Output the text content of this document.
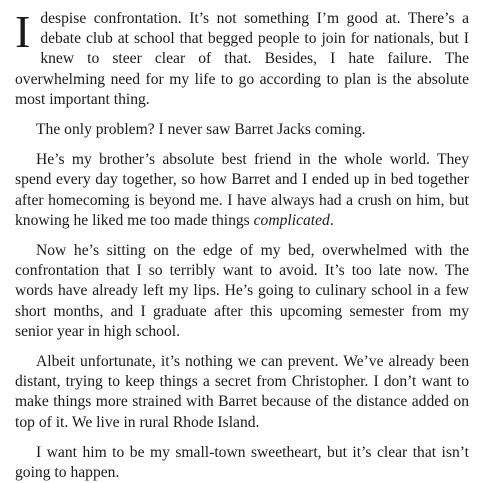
Idespise confrontation. It’s not something I’m good at. There’s a debate club at school that begged people to join for nationals, but I knew to steer clear of that. Besides, I hate failure. The overwhelming need for my life to go according to plan is the absolute most important thing.

The only problem? I never saw Barret Jacks coming.

He’s my brother’s absolute best friend in the whole world. They spend every day together, so how Barret and I ended up in bed together after homecoming is beyond me. I have always had a crush on him, but knowing he liked me too made things complicated.

Now he’s sitting on the edge of my bed, overwhelmed with the confrontation that I so terribly want to avoid. It’s too late now. The words have already left my lips. He’s going to culinary school in a few short months, and I graduate after this upcoming semester from my senior year in high school.

Albeit unfortunate, it’s nothing we can prevent. We’ve already been distant, trying to keep things a secret from Christopher. I don’t want to make things more strained with Barret because of the distance added on top of it. We live in rural Rhode Island.

I want him to be my small-town sweetheart, but it’s clear that isn’t going to happen.
